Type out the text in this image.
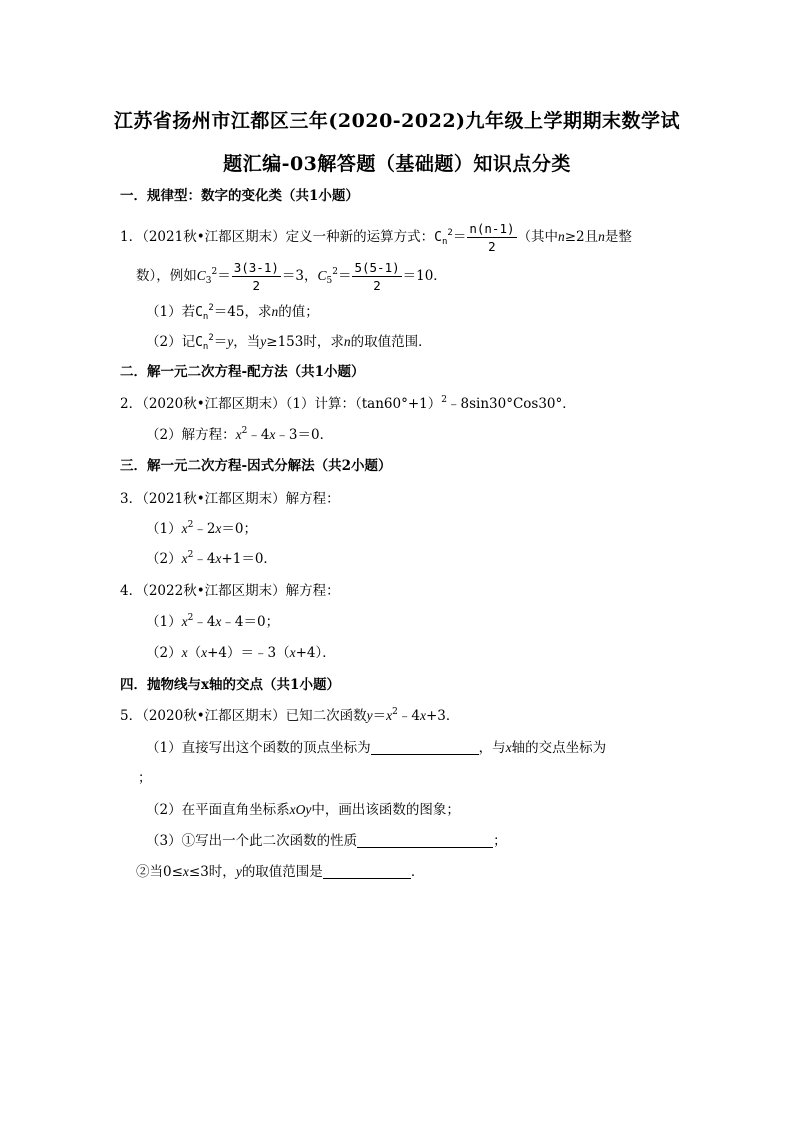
江苏省扬州市江都区三年(2020-2022)九年级上学期期末数学试
题汇编-03解答题（基础题）知识点分类
一．规律型：数字的变化类（共1小题）
1．（2021秋•江都区期末）定义一种新的运算方式：$C_n^2= \frac{n(n-1)}{2}$ （其中n≥2且n是整
数），例如$C_3^2= \frac{3(3-1)}{2} =3$，$C_5^2= \frac{5(5-1)}{2} =10$．
（1）若$C_n^2=45$，求n的值；
（2）记$C_n^2=y$，当y≥153时，求n的取值范围．
二．解一元二次方程-配方法（共1小题）
2．（2020秋•江都区期末）（1）计算：$(\tan 60^\circ+1)^2﹣8\sin 30^\circ Cos30^\circ$．
（2）解方程：$x^2﹣4x﹣3=0$．
三．解一元二次方程-因式分解法（共2小题）
3．（2021秋•江都区期末）解方程：
$(1)x^2﹣2x=0$；
$(2)x^2﹣4x+1=0$．
4．（2022秋•江都区期末）解方程：
$(1)x^2﹣4x﹣4=0$；
（2）x（x+4）＝﹣3（x+4）．
四．抛物线与x轴的交点（共1小题）
5．（2020秋•江都区期末）已知二次函数$y=x^2﹣4x+3$．
（1）直接写出这个函数的顶点坐标为	，与x轴的交点坐标为
；
（2）在平面直角坐标系xOy中，画出该函数的图象；
（3）①写出一个此二次函数的性质	；
②当0≤x≤3时，y的取值范围是	．
